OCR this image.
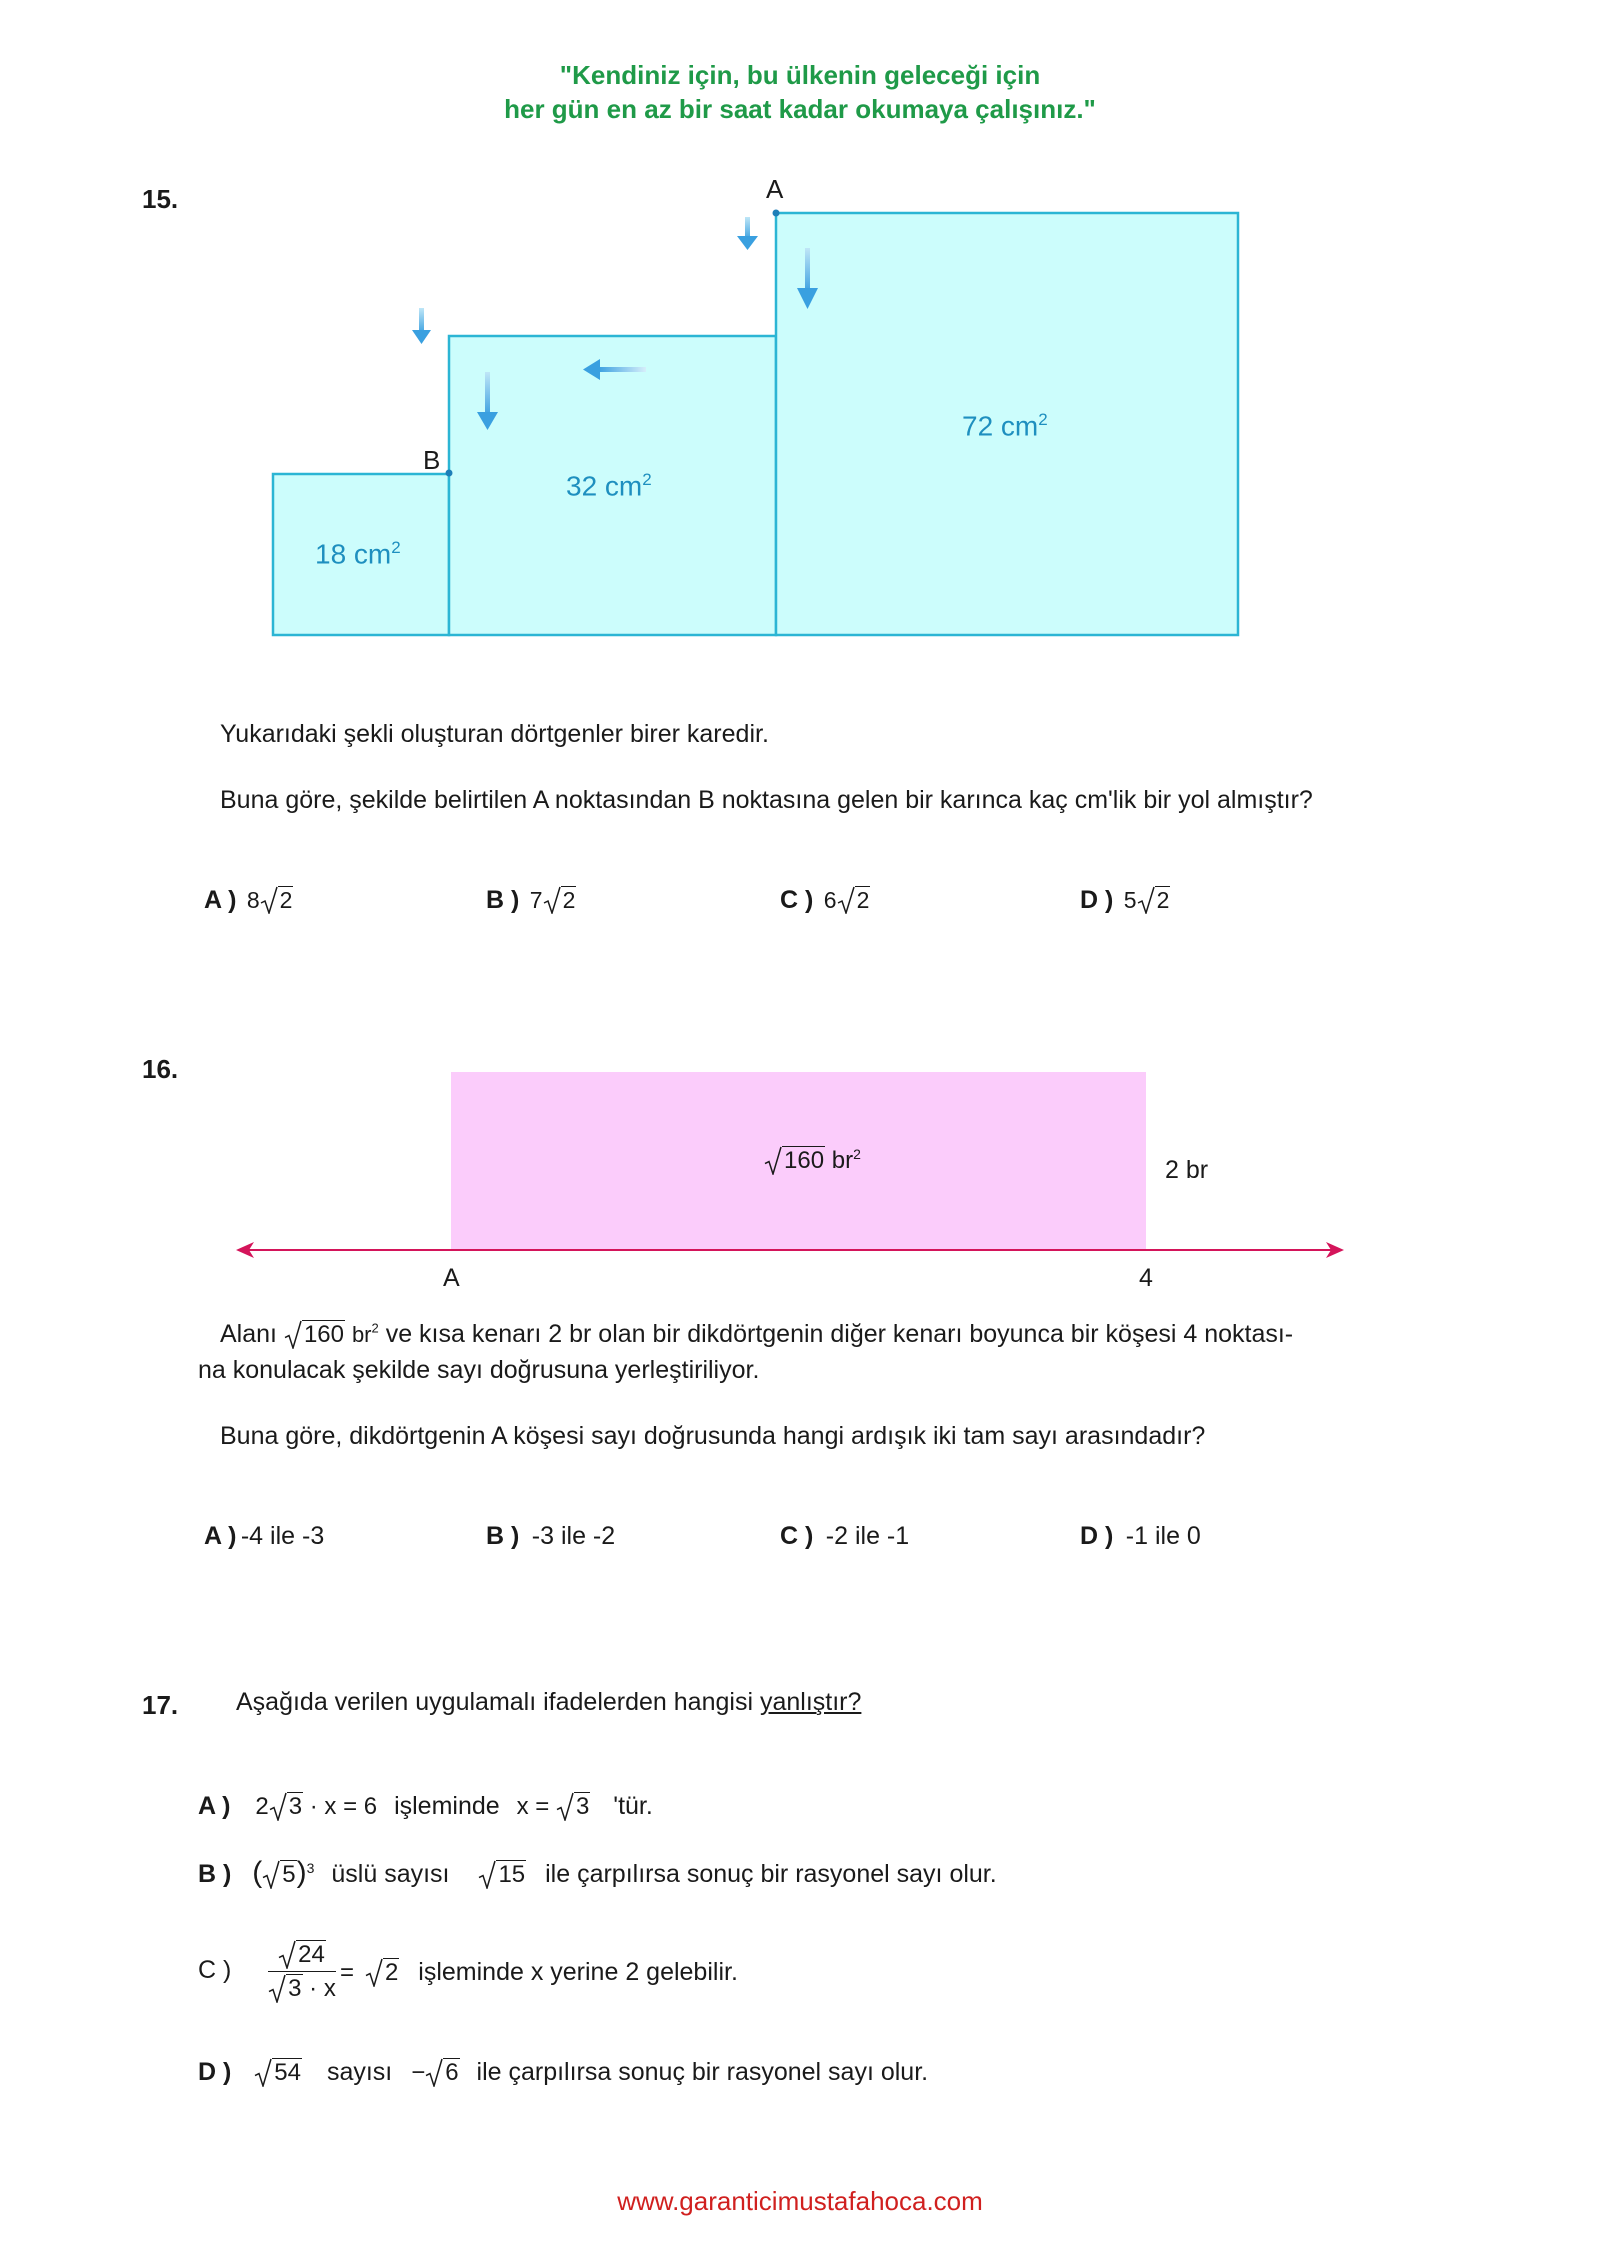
"Kendiniz için, bu ülkenin geleceği için
her gün en az bir saat kadar okumaya çalışınız."
15.	A
B
18 $cm^2$
32 $cm^2$
72 $cm^2$
Yukarıdaki şekli oluşturan dörtgenler birer karedir.
Buna göre, şekilde belirtilen A noktasından B noktasına gelen bir karınca kaç cm'lik bir yol almıştır?
A ) 8 2	B ) 7 2	C ) 6 2	D ) 5 2
16.
160 $br^2$
2 br
A	4
Alanı 160 $br^2$ ve kısa kenarı 2 br olan bir dikdörtgenin diğer kenarı boyunca bir köşesi 4 noktası-
na konulacak şekilde sayı doğrusuna yerleştiriliyor.
Buna göre, dikdörtgenin A köşesi sayı doğrusunda hangi ardışık iki tam sayı arasındadır?
A ) -4 ile -3	B ) -3 ile -2	C ) -2 ile -1	D ) -1 ile 0
17. Aşağıda verilen uygulamalı ifadelerden hangisi yanlıştır?
A ) 2 3 · x = 6 işleminde x = 3 'tür.
B ) ( 5)$^3$ üslü sayısı 15 ile çarpılırsa sonuç bir rasyonel sayı olur.
C )
24
3 · x
= 2 işleminde x yerine 2 gelebilir.
D ) 54 sayısı − 6 ile çarpılırsa sonuç bir rasyonel sayı olur.
www.garanticimustafahoca.com
